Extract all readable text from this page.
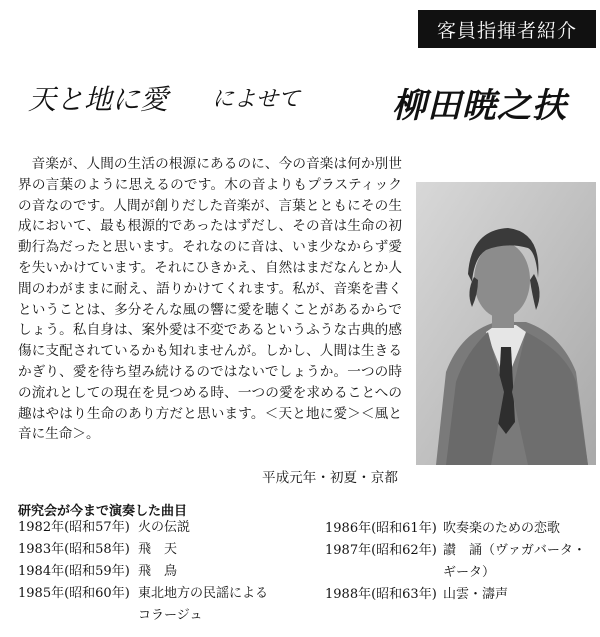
客員指揮者紹介
天と地に愛 によせて	柳田暁之扶
音楽が、人間の生活の根源にあるのに、今の音楽は何か別世界の言葉のように思えるのです。木の音よりもプラスティックの音なのです。人間が創りだした音楽が、言葉とともにその生成において、最も根源的であったはずだし、その音は生命の初動行為だったと思います。それなのに音は、いま少なからず愛を失いかけています。それにひきかえ、自然はまだなんとか人間のわがままに耐え、語りかけてくれます。私が、音楽を書くということは、多分そんな風の響に愛を聴くことがあるからでしょう。私自身は、案外愛は不変であるというふうな古典的感傷に支配されているかも知れませんが。しかし、人間は生きるかぎり、愛を待ち望み続けるのではないでしょうか。一つの時の流れとしての現在を見つめる時、一つの愛を求めることへの趣はやはり生命のあり方だと思います。＜天と地に愛＞＜風と音に生命＞。
平成元年・初夏・京都
研究会が今まで演奏した曲目
1982年(昭和57年) 火の伝説
1983年(昭和58年) 飛　天
1984年(昭和59年) 飛　鳥
1985年(昭和60年) 東北地方の民謡によるコラージュ
1986年(昭和61年) 吹奏楽のための恋歌
1987年(昭和62年) 讃　誦（ヴァガバータ・ギータ）
1988年(昭和63年) 山雲・濤声
